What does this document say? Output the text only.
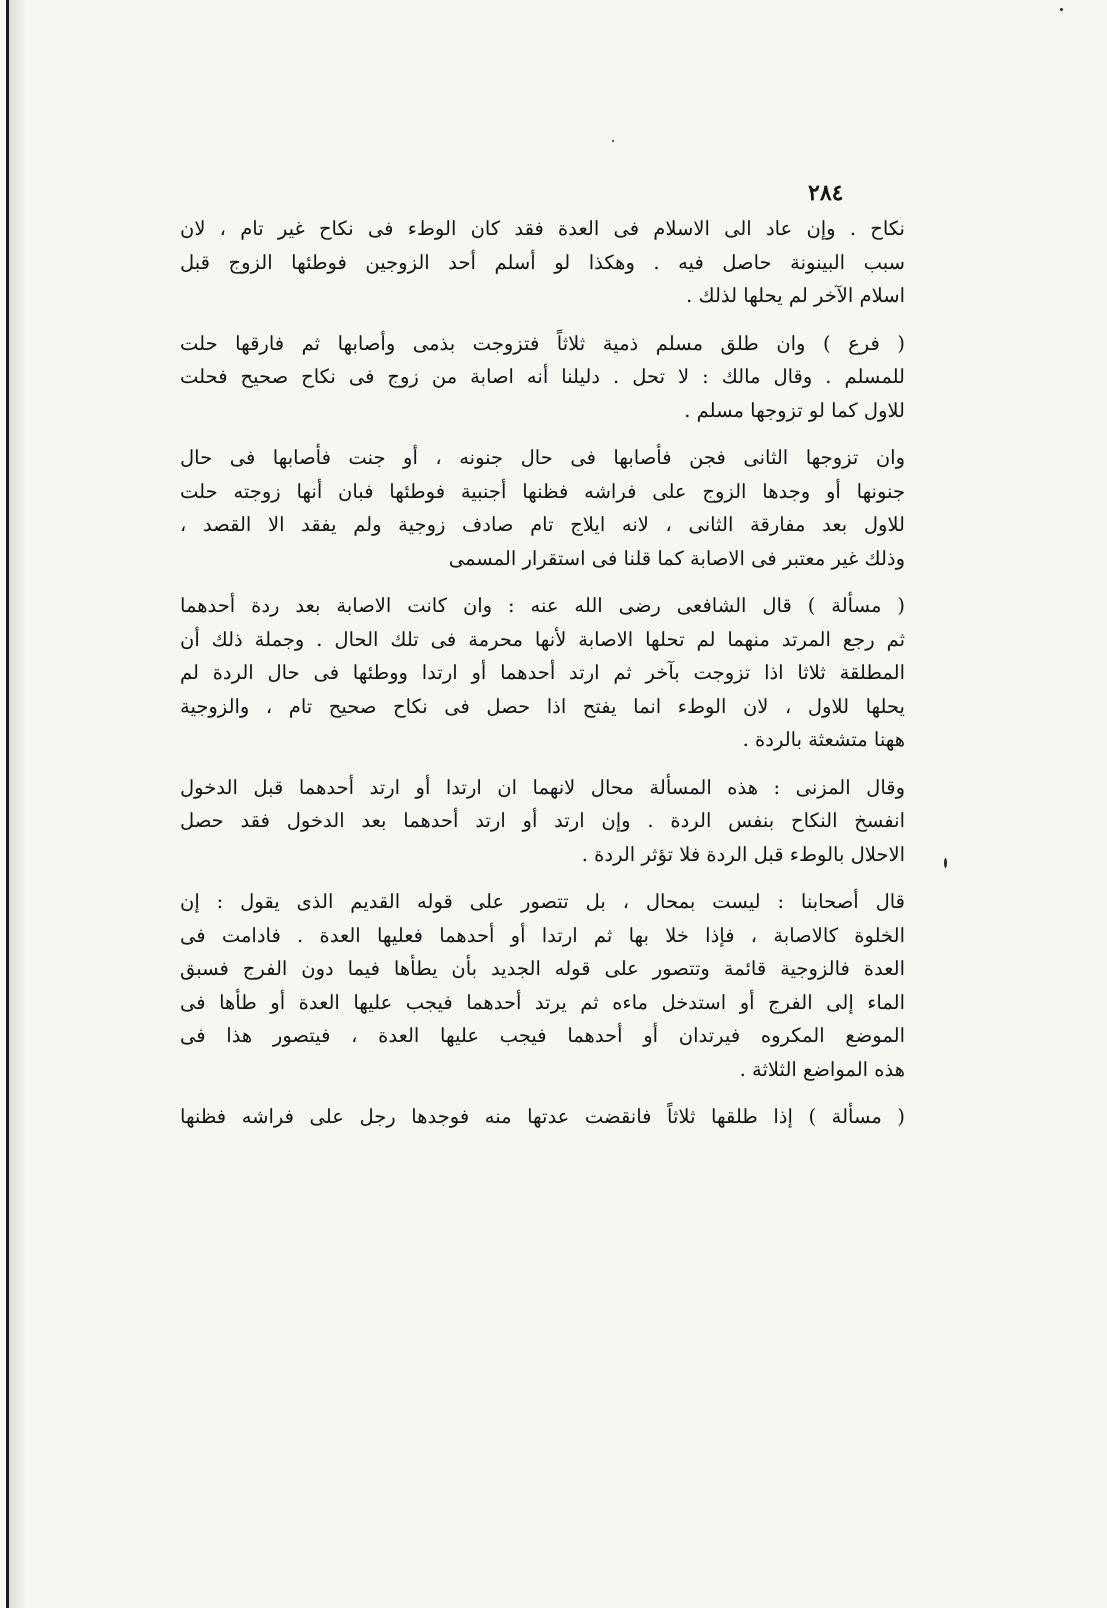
٢٨٤
نكاح . وإن عاد الى الاسلام فى العدة فقد كان الوطء فى نكاح غير تام ، لان
سبب البينونة حاصل فيه . وهكذا لو أسلم أحد الزوجين فوطئها الزوج قبل
اسلام الآخر لم يحلها لذلك .
( فرع ) وان طلق مسلم ذمية ثلاثاً فتزوجت بذمى وأصابها ثم فارقها حلت
للمسلم . وقال مالك : لا تحل . دليلنا أنه اصابة من زوج فى نكاح صحيح فحلت
للاول كما لو تزوجها مسلم .
وان تزوجها الثانى فجن فأصابها فى حال جنونه ، أو جنت فأصابها فى حال
جنونها أو وجدها الزوج على فراشه فظنها أجنبية فوطئها فبان أنها زوجته حلت
للاول بعد مفارقة الثانى ، لانه ايلاج تام صادف زوجية ولم يفقد الا القصد ،
وذلك غير معتبر فى الاصابة كما قلنا فى استقرار المسمى
( مسألة ) قال الشافعى رضى الله عنه : وان كانت الاصابة بعد ردة أحدهما
ثم رجع المرتد منهما لم تحلها الاصابة لأنها محرمة فى تلك الحال . وجملة ذلك أن
المطلقة ثلاثا اذا تزوجت بآخر ثم ارتد أحدهما أو ارتدا ووطئها فى حال الردة لم
يحلها للاول ، لان الوطء انما يفتح اذا حصل فى نكاح صحيح تام ، والزوجية
ههنا متشعثة بالردة .
وقال المزنى : هذه المسألة محال لانهما ان ارتدا أو ارتد أحدهما قبل الدخول
انفسخ النكاح بنفس الردة . وإن ارتد أو ارتد أحدهما بعد الدخول فقد حصل
الاحلال بالوطء قبل الردة فلا تؤثر الردة .
قال أصحابنا : ليست بمحال ، بل تتصور على قوله القديم الذى يقول : إن
الخلوة كالاصابة ، فإذا خلا بها ثم ارتدا أو أحدهما فعليها العدة . فادامت فى
العدة فالزوجية قائمة وتتصور على قوله الجديد بأن يطأها فيما دون الفرج فسبق
الماء إلى الفرج أو استدخل ماءه ثم يرتد أحدهما فيجب عليها العدة أو طأها فى
الموضع المكروه فيرتدان أو أحدهما فيجب عليها العدة ، فيتصور هذا فى
هذه المواضع الثلاثة .
( مسألة ) إذا طلقها ثلاثاً فانقضت عدتها منه فوجدها رجل على فراشه فظنها
